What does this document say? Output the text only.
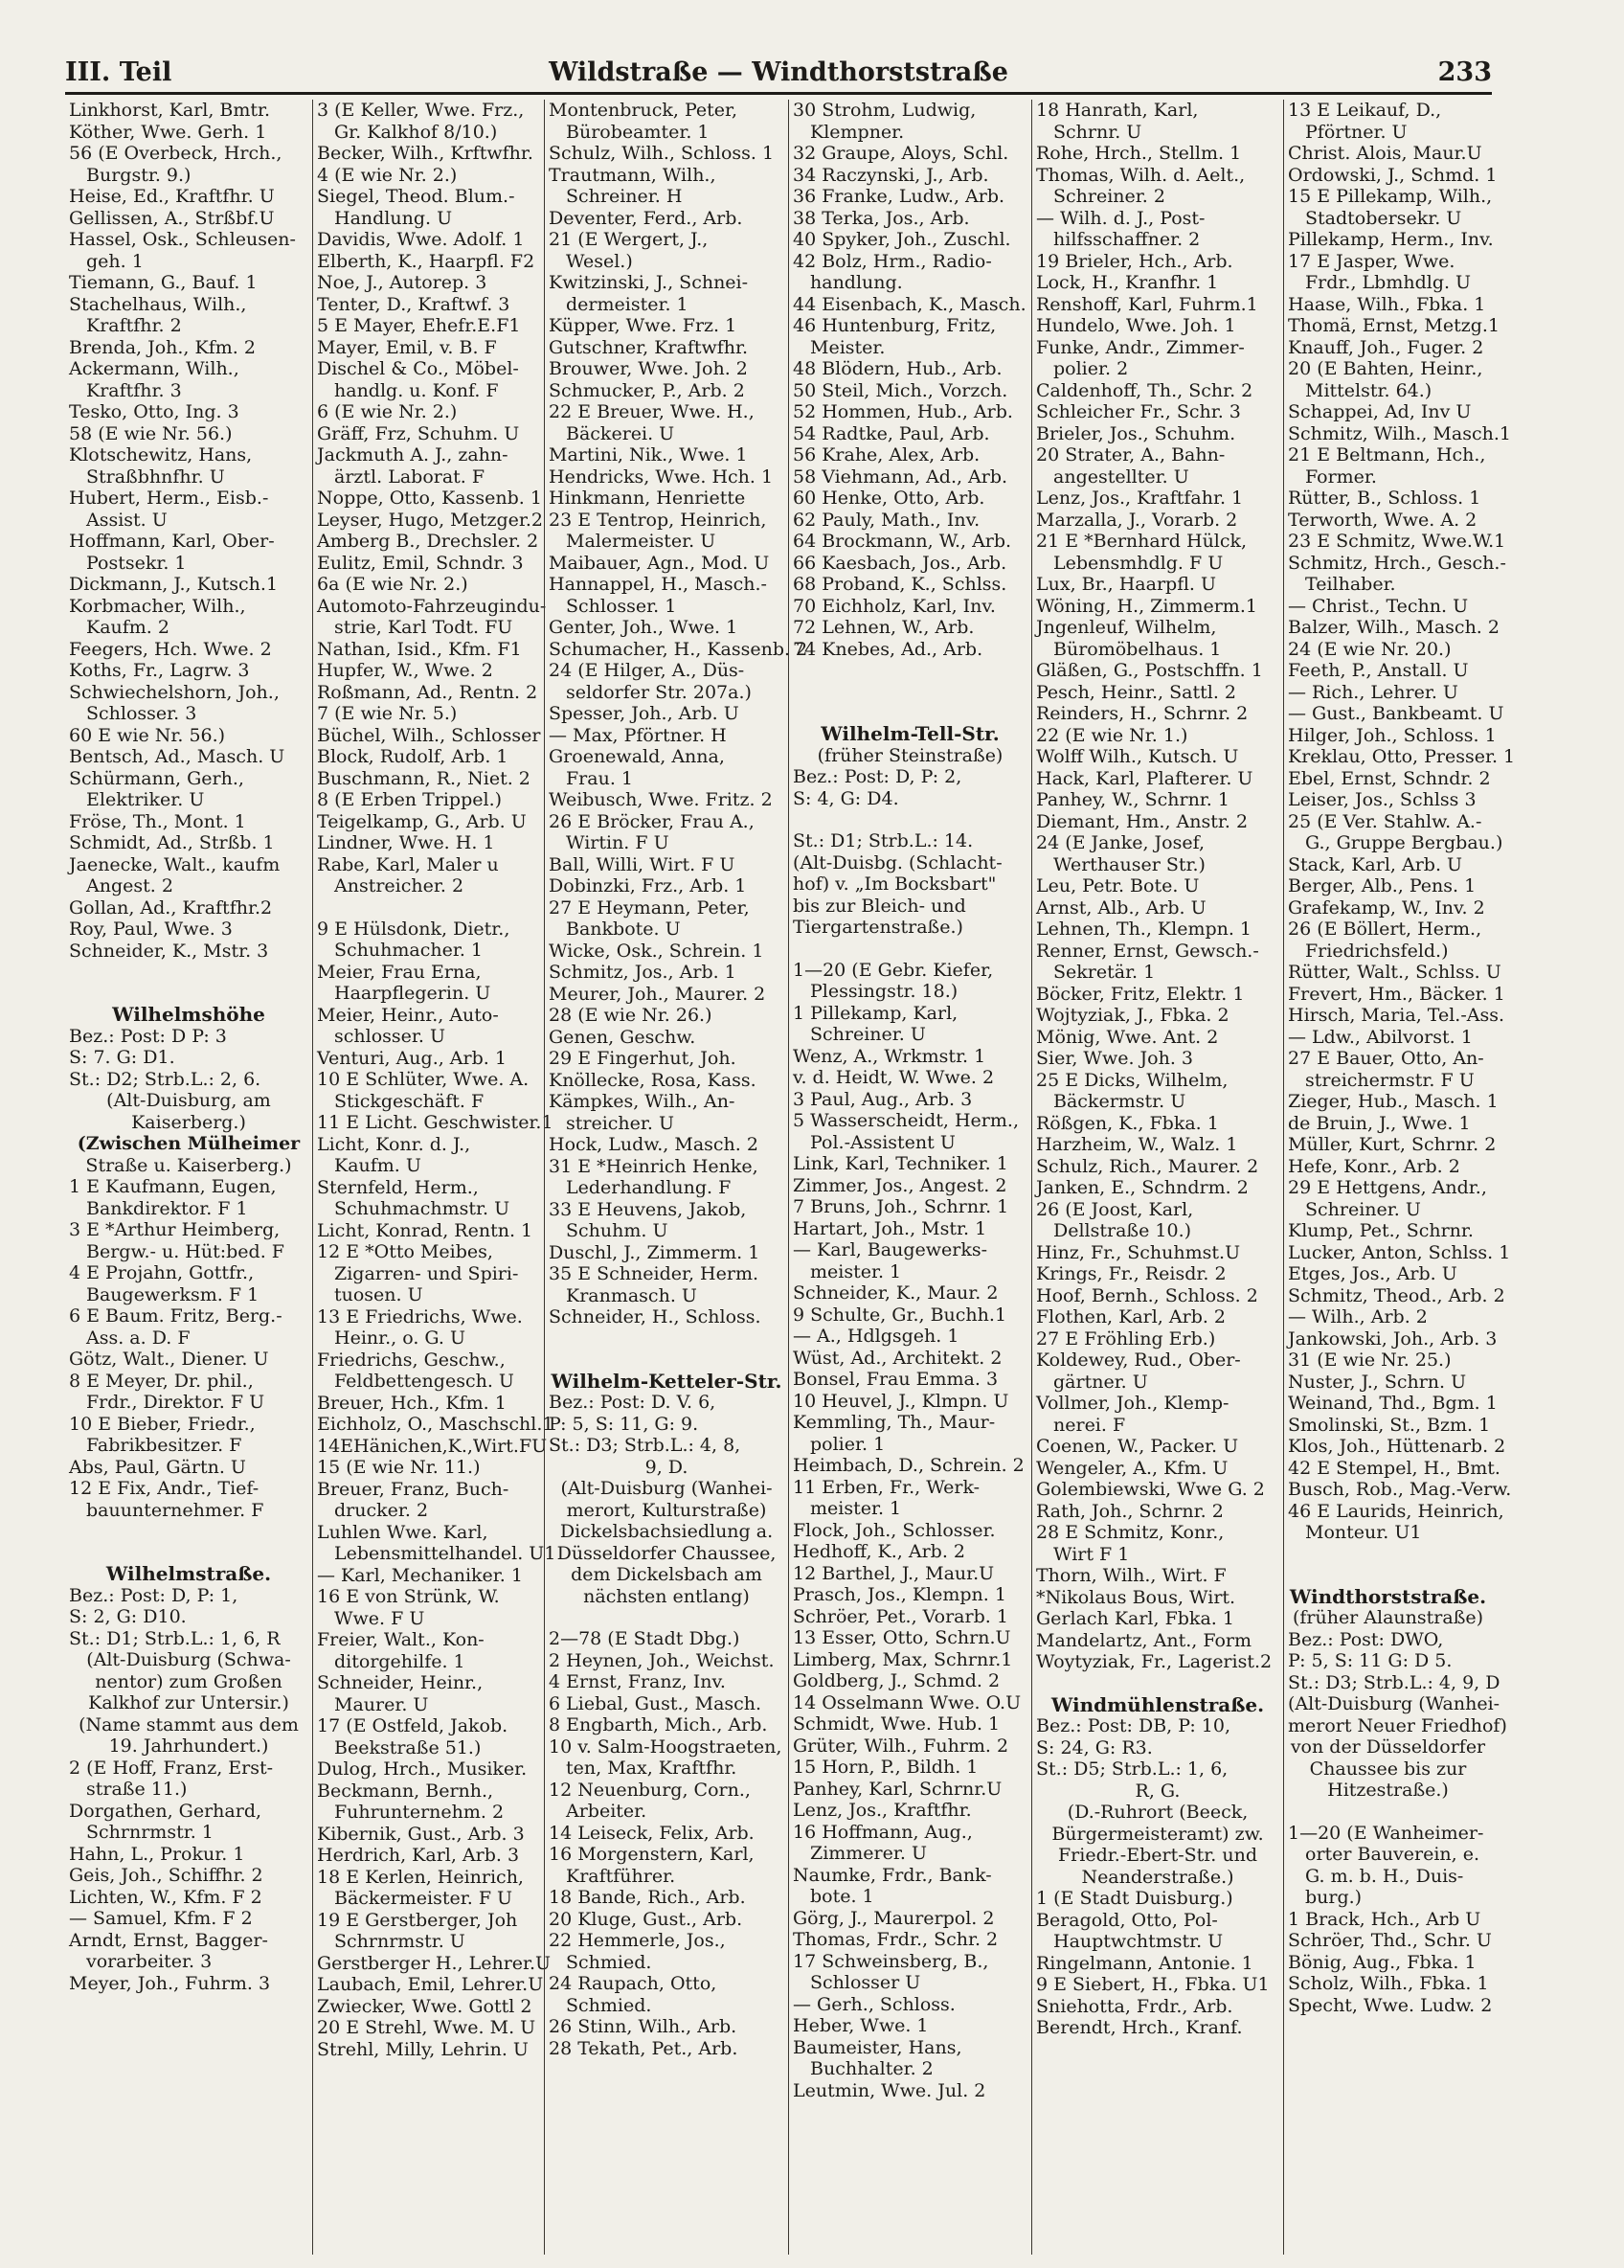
III. Teil	Wildstraße — Windthorststraße	233
Linkhorst, Karl, Bmtr.
Köther, Wwe. Gerh. 1
56 (E Overbeck, Hrch.,
Burgstr. 9.)
Heise, Ed., Kraftfhr. U
Gellissen, A., Strßbf.U
Hassel, Osk., Schleusen-
geh. 1
Tiemann, G., Bauf. 1
Stachelhaus, Wilh.,
Kraftfhr. 2
Brenda, Joh., Kfm. 2
Ackermann, Wilh.,
Kraftfhr. 3
Tesko, Otto, Ing. 3
58 (E wie Nr. 56.)
Klotschewitz, Hans,
Straßbhnfhr. U
Hubert, Herm., Eisb.-
Assist. U
Hoffmann, Karl, Ober-
Postsekr. 1
Dickmann, J., Kutsch.1
Korbmacher, Wilh.,
Kaufm. 2
Feegers, Hch. Wwe. 2
Koths, Fr., Lagrw. 3
Schwiechelshorn, Joh.,
Schlosser. 3
60 E wie Nr. 56.)
Bentsch, Ad., Masch. U
Schürmann, Gerh.,
Elektriker. U
Fröse, Th., Mont. 1
Schmidt, Ad., Strßb. 1
Jaenecke, Walt., kaufm
Angest. 2
Gollan, Ad., Kraftfhr.2
Roy, Paul, Wwe. 3
Schneider, K., Mstr. 3
Wilhelmshöhe
Bez.: Post: D P: 3
S: 7. G: D1.
St.: D2; Strb.L.: 2, 6.
(Alt-Duisburg, am
Kaiserberg.)
(Zwischen Mülheimer
Straße u. Kaiserberg.)
1 E Kaufmann, Eugen,
Bankdirektor. F 1
3 E *Arthur Heimberg,
Bergw.- u. Hüt:bed. F
4 E Projahn, Gottfr.,
Baugewerksm. F 1
6 E Baum. Fritz, Berg.-
Ass. a. D. F
Götz, Walt., Diener. U
8 E Meyer, Dr. phil.,
Frdr., Direktor. F U
10 E Bieber, Friedr.,
Fabrikbesitzer. F
Abs, Paul, Gärtn. U
12 E Fix, Andr., Tief-
bauunternehmer. F
Wilhelmstraße.
Bez.: Post: D, P: 1,
S: 2, G: D10.
St.: D1; Strb.L.: 1, 6, R
(Alt-Duisburg (Schwa-
nentor) zum Großen
Kalkhof zur Untersir.)
(Name stammt aus dem
19. Jahrhundert.)
2 (E Hoff, Franz, Erst-
straße 11.)
Dorgathen, Gerhard,
Schrnrmstr. 1
Hahn, L., Prokur. 1
Geis, Joh., Schiffhr. 2
Lichten, W., Kfm. F 2
— Samuel, Kfm. F 2
Arndt, Ernst, Bagger-
vorarbeiter. 3
Meyer, Joh., Fuhrm. 3
3 (E Keller, Wwe. Frz.,
Gr. Kalkhof 8/10.)
Becker, Wilh., Krftwfhr.
4 (E wie Nr. 2.)
Siegel, Theod. Blum.-
Handlung. U
Davidis, Wwe. Adolf. 1
Elberth, K., Haarpfl. F2
Noe, J., Autorep. 3
Tenter, D., Kraftwf. 3
5 E Mayer, Ehefr.E.F1
Mayer, Emil, v. B. F
Dischel & Co., Möbel-
handlg. u. Konf. F
6 (E wie Nr. 2.)
Gräff, Frz, Schuhm. U
Jackmuth A. J., zahn-
ärztl. Laborat. F
Noppe, Otto, Kassenb. 1
Leyser, Hugo, Metzger.2
Amberg B., Drechsler. 2
Eulitz, Emil, Schndr. 3
6a (E wie Nr. 2.)
Automoto-Fahrzeugindu-
strie, Karl Todt. FU
Nathan, Isid., Kfm. F1
Hupfer, W., Wwe. 2
Roßmann, Ad., Rentn. 2
7 (E wie Nr. 5.)
Büchel, Wilh., Schlosser
Block, Rudolf, Arb. 1
Buschmann, R., Niet. 2
8 (E Erben Trippel.)
Teigelkamp, G., Arb. U
Lindner, Wwe. H. 1
Rabe, Karl, Maler u
Anstreicher. 2
9 E Hülsdonk, Dietr.,
Schuhmacher. 1
Meier, Frau Erna,
Haarpflegerin. U
Meier, Heinr., Auto-
schlosser. U
Venturi, Aug., Arb. 1
10 E Schlüter, Wwe. A.
Stickgeschäft. F
11 E Licht. Geschwister.1
Licht, Konr. d. J.,
Kaufm. U
Sternfeld, Herm.,
Schuhmachmstr. U
Licht, Konrad, Rentn. 1
12 E *Otto Meibes,
Zigarren- und Spiri-
tuosen. U
13 E Friedrichs, Wwe.
Heinr., o. G. U
Friedrichs, Geschw.,
Feldbettengesch. U
Breuer, Hch., Kfm. 1
Eichholz, O., Maschschl.1
14EHänichen,K.,Wirt.FU
15 (E wie Nr. 11.)
Breuer, Franz, Buch-
drucker. 2
Luhlen Wwe. Karl,
Lebensmittelhandel. U1
— Karl, Mechaniker. 1
16 E von Strünk, W.
Wwe. F U
Freier, Walt., Kon-
ditorgehilfe. 1
Schneider, Heinr.,
Maurer. U
17 (E Ostfeld, Jakob.
Beekstraße 51.)
Dulog, Hrch., Musiker.
Beckmann, Bernh.,
Fuhrunternehm. 2
Kibernik, Gust., Arb. 3
Herdrich, Karl, Arb. 3
18 E Kerlen, Heinrich,
Bäckermeister. F U
19 E Gerstberger, Joh
Schrnrmstr. U
Gerstberger H., Lehrer.U
Laubach, Emil, Lehrer.U
Zwiecker, Wwe. Gottl 2
20 E Strehl, Wwe. M. U
Strehl, Milly, Lehrin. U
Montenbruck, Peter,
Bürobeamter. 1
Schulz, Wilh., Schloss. 1
Trautmann, Wilh.,
Schreiner. H
Deventer, Ferd., Arb.
21 (E Wergert, J.,
Wesel.)
Kwitzinski, J., Schnei-
dermeister. 1
Küpper, Wwe. Frz. 1
Gutschner, Kraftwfhr.
Brouwer, Wwe. Joh. 2
Schmucker, P., Arb. 2
22 E Breuer, Wwe. H.,
Bäckerei. U
Martini, Nik., Wwe. 1
Hendricks, Wwe. Hch. 1
Hinkmann, Henriette
23 E Tentrop, Heinrich,
Malermeister. U
Maibauer, Agn., Mod. U
Hannappel, H., Masch.-
Schlosser. 1
Genter, Joh., Wwe. 1
Schumacher, H., Kassenb. 2
24 (E Hilger, A., Düs-
seldorfer Str. 207a.)
Spesser, Joh., Arb. U
— Max, Pförtner. H
Groenewald, Anna,
Frau. 1
Weibusch, Wwe. Fritz. 2
26 E Bröcker, Frau A.,
Wirtin. F U
Ball, Willi, Wirt. F U
Dobinzki, Frz., Arb. 1
27 E Heymann, Peter,
Bankbote. U
Wicke, Osk., Schrein. 1
Schmitz, Jos., Arb. 1
Meurer, Joh., Maurer. 2
28 (E wie Nr. 26.)
Genen, Geschw.
29 E Fingerhut, Joh.
Knöllecke, Rosa, Kass.
Kämpkes, Wilh., An-
streicher. U
Hock, Ludw., Masch. 2
31 E *Heinrich Henke,
Lederhandlung. F
33 E Heuvens, Jakob,
Schuhm. U
Duschl, J., Zimmerm. 1
35 E Schneider, Herm.
Kranmasch. U
Schneider, H., Schloss.
Wilhelm-Ketteler-Str.
Bez.: Post: D. V. 6,
P: 5, S: 11, G: 9.
St.: D3; Strb.L.: 4, 8,
9, D.
(Alt-Duisburg (Wanhei-
merort, Kulturstraße)
Dickelsbachsiedlung a.
Düsseldorfer Chaussee,
dem Dickelsbach am
nächsten entlang)
2—78 (E Stadt Dbg.)
2 Heynen, Joh., Weichst.
4 Ernst, Franz, Inv.
6 Liebal, Gust., Masch.
8 Engbarth, Mich., Arb.
10 v. Salm-Hoogstraeten,
ten, Max, Kraftfhr.
12 Neuenburg, Corn.,
Arbeiter.
14 Leiseck, Felix, Arb.
16 Morgenstern, Karl,
Kraftführer.
18 Bande, Rich., Arb.
20 Kluge, Gust., Arb.
22 Hemmerle, Jos.,
Schmied.
24 Raupach, Otto,
Schmied.
26 Stinn, Wilh., Arb.
28 Tekath, Pet., Arb.
30 Strohm, Ludwig,
Klempner.
32 Graupe, Aloys, Schl.
34 Raczynski, J., Arb.
36 Franke, Ludw., Arb.
38 Terka, Jos., Arb.
40 Spyker, Joh., Zuschl.
42 Bolz, Hrm., Radio-
handlung.
44 Eisenbach, K., Masch.
46 Huntenburg, Fritz,
Meister.
48 Blödern, Hub., Arb.
50 Steil, Mich., Vorzch.
52 Hommen, Hub., Arb.
54 Radtke, Paul, Arb.
56 Krahe, Alex, Arb.
58 Viehmann, Ad., Arb.
60 Henke, Otto, Arb.
62 Pauly, Math., Inv.
64 Brockmann, W., Arb.
66 Kaesbach, Jos., Arb.
68 Proband, K., Schlss.
70 Eichholz, Karl, Inv.
72 Lehnen, W., Arb.
74 Knebes, Ad., Arb.
Wilhelm-Tell-Str.
(früher Steinstraße)
Bez.: Post: D, P: 2,
S: 4, G: D4.
St.: D1; Strb.L.: 14.
(Alt-Duisbg. (Schlacht-
hof) v. „Im Bocksbart"
bis zur Bleich- und
Tiergartenstraße.)
1—20 (E Gebr. Kiefer,
Plessingstr. 18.)
1 Pillekamp, Karl,
Schreiner. U
Wenz, A., Wrkmstr. 1
v. d. Heidt, W. Wwe. 2
3 Paul, Aug., Arb. 3
5 Wasserscheidt, Herm.,
Pol.-Assistent U
Link, Karl, Techniker. 1
Zimmer, Jos., Angest. 2
7 Bruns, Joh., Schrnr. 1
Hartart, Joh., Mstr. 1
— Karl, Baugewerks-
meister. 1
Schneider, K., Maur. 2
9 Schulte, Gr., Buchh.1
— A., Hdlgsgeh. 1
Wüst, Ad., Architekt. 2
Bonsel, Frau Emma. 3
10 Heuvel, J., Klmpn. U
Kemmling, Th., Maur-
polier. 1
Heimbach, D., Schrein. 2
11 Erben, Fr., Werk-
meister. 1
Flock, Joh., Schlosser.
Hedhoff, K., Arb. 2
12 Barthel, J., Maur.U
Prasch, Jos., Klempn. 1
Schröer, Pet., Vorarb. 1
13 Esser, Otto, Schrn.U
Limberg, Max, Schrnr.1
Goldberg, J., Schmd. 2
14 Osselmann Wwe. O.U
Schmidt, Wwe. Hub. 1
Grüter, Wilh., Fuhrm. 2
15 Horn, P., Bildh. 1
Panhey, Karl, Schrnr.U
Lenz, Jos., Kraftfhr.
16 Hoffmann, Aug.,
Zimmerer. U
Naumke, Frdr., Bank-
bote. 1
Görg, J., Maurerpol. 2
Thomas, Frdr., Schr. 2
17 Schweinsberg, B.,
Schlosser U
— Gerh., Schloss.
Heber, Wwe. 1
Baumeister, Hans,
Buchhalter. 2
Leutmin, Wwe. Jul. 2
18 Hanrath, Karl,
Schrnr. U
Rohe, Hrch., Stellm. 1
Thomas, Wilh. d. Aelt.,
Schreiner. 2
— Wilh. d. J., Post-
hilfsschaffner. 2
19 Brieler, Hch., Arb.
Lock, H., Kranfhr. 1
Renshoff, Karl, Fuhrm.1
Hundelo, Wwe. Joh. 1
Funke, Andr., Zimmer-
polier. 2
Caldenhoff, Th., Schr. 2
Schleicher Fr., Schr. 3
Brieler, Jos., Schuhm.
20 Strater, A., Bahn-
angestellter. U
Lenz, Jos., Kraftfahr. 1
Marzalla, J., Vorarb. 2
21 E *Bernhard Hülck,
Lebensmhdlg. F U
Lux, Br., Haarpfl. U
Wöning, H., Zimmerm.1
Jngenleuf, Wilhelm,
Büromöbelhaus. 1
Gläßen, G., Postschffn. 1
Pesch, Heinr., Sattl. 2
Reinders, H., Schrnr. 2
22 (E wie Nr. 1.)
Wolff Wilh., Kutsch. U
Hack, Karl, Plafterer. U
Panhey, W., Schrnr. 1
Diemant, Hm., Anstr. 2
24 (E Janke, Josef,
Werthauser Str.)
Leu, Petr. Bote. U
Arnst, Alb., Arb. U
Lehnen, Th., Klempn. 1
Renner, Ernst, Gewsch.-
Sekretär. 1
Böcker, Fritz, Elektr. 1
Wojtyziak, J., Fbka. 2
Mönig, Wwe. Ant. 2
Sier, Wwe. Joh. 3
25 E Dicks, Wilhelm,
Bäckermstr. U
Rößgen, K., Fbka. 1
Harzheim, W., Walz. 1
Schulz, Rich., Maurer. 2
Janken, E., Schndrm. 2
26 (E Joost, Karl,
Dellstraße 10.)
Hinz, Fr., Schuhmst.U
Krings, Fr., Reisdr. 2
Hoof, Bernh., Schloss. 2
Flothen, Karl, Arb. 2
27 E Fröhling Erb.)
Koldewey, Rud., Ober-
gärtner. U
Vollmer, Joh., Klemp-
nerei. F
Coenen, W., Packer. U
Wengeler, A., Kfm. U
Golembiewski, Wwe G. 2
Rath, Joh., Schrnr. 2
28 E Schmitz, Konr.,
Wirt F 1
Thorn, Wilh., Wirt. F
*Nikolaus Bous, Wirt.
Gerlach Karl, Fbka. 1
Mandelartz, Ant., Form
Woytyziak, Fr., Lagerist.2
Windmühlenstraße.
Bez.: Post: DB, P: 10,
S: 24, G: R3.
St.: D5; Strb.L.: 1, 6,
R, G.
(D.-Ruhrort (Beeck,
Bürgermeisteramt) zw.
Friedr.-Ebert-Str. und
Neanderstraße.)
1 (E Stadt Duisburg.)
Beragold, Otto, Pol-
Hauptwchtmstr. U
Ringelmann, Antonie. 1
9 E Siebert, H., Fbka. U1
Sniehotta, Frdr., Arb.
Berendt, Hrch., Kranf.
13 E Leikauf, D.,
Pförtner. U
Christ. Alois, Maur.U
Ordowski, J., Schmd. 1
15 E Pillekamp, Wilh.,
Stadtobersekr. U
Pillekamp, Herm., Inv.
17 E Jasper, Wwe.
Frdr., Lbmhdlg. U
Haase, Wilh., Fbka. 1
Thomä, Ernst, Metzg.1
Knauff, Joh., Fuger. 2
20 (E Bahten, Heinr.,
Mittelstr. 64.)
Schappei, Ad, Inv U
Schmitz, Wilh., Masch.1
21 E Beltmann, Hch.,
Former.
Rütter, B., Schloss. 1
Terworth, Wwe. A. 2
23 E Schmitz, Wwe.W.1
Schmitz, Hrch., Gesch.-
Teilhaber.
— Christ., Techn. U
Balzer, Wilh., Masch. 2
24 (E wie Nr. 20.)
Feeth, P., Anstall. U
— Rich., Lehrer. U
— Gust., Bankbeamt. U
Hilger, Joh., Schloss. 1
Kreklau, Otto, Presser. 1
Ebel, Ernst, Schndr. 2
Leiser, Jos., Schlss 3
25 (E Ver. Stahlw. A.-
G., Gruppe Bergbau.)
Stack, Karl, Arb. U
Berger, Alb., Pens. 1
Grafekamp, W., Inv. 2
26 (E Böllert, Herm.,
Friedrichsfeld.)
Rütter, Walt., Schlss. U
Frevert, Hm., Bäcker. 1
Hirsch, Maria, Tel.-Ass.
— Ldw., Abilvorst. 1
27 E Bauer, Otto, An-
streichermstr. F U
Zieger, Hub., Masch. 1
de Bruin, J., Wwe. 1
Müller, Kurt, Schrnr. 2
Hefe, Konr., Arb. 2
29 E Hettgens, Andr.,
Schreiner. U
Klump, Pet., Schrnr.
Lucker, Anton, Schlss. 1
Etges, Jos., Arb. U
Schmitz, Theod., Arb. 2
— Wilh., Arb. 2
Jankowski, Joh., Arb. 3
31 (E wie Nr. 25.)
Nuster, J., Schrn. U
Weinand, Thd., Bgm. 1
Smolinski, St., Bzm. 1
Klos, Joh., Hüttenarb. 2
42 E Stempel, H., Bmt.
Busch, Rob., Mag.-Verw.
46 E Laurids, Heinrich,
Monteur. U1
Windthorststraße.
(früher Alaunstraße)
Bez.: Post: DWO,
P: 5, S: 11 G: D 5.
St.: D3; Strb.L.: 4, 9, D
(Alt-Duisburg (Wanhei-
merort Neuer Friedhof)
von der Düsseldorfer
Chaussee bis zur
Hitzestraße.)
1—20 (E Wanheimer-
orter Bauverein, e.
G. m. b. H., Duis-
burg.)
1 Brack, Hch., Arb U
Schröer, Thd., Schr. U
Bönig, Aug., Fbka. 1
Scholz, Wilh., Fbka. 1
Specht, Wwe. Ludw. 2
